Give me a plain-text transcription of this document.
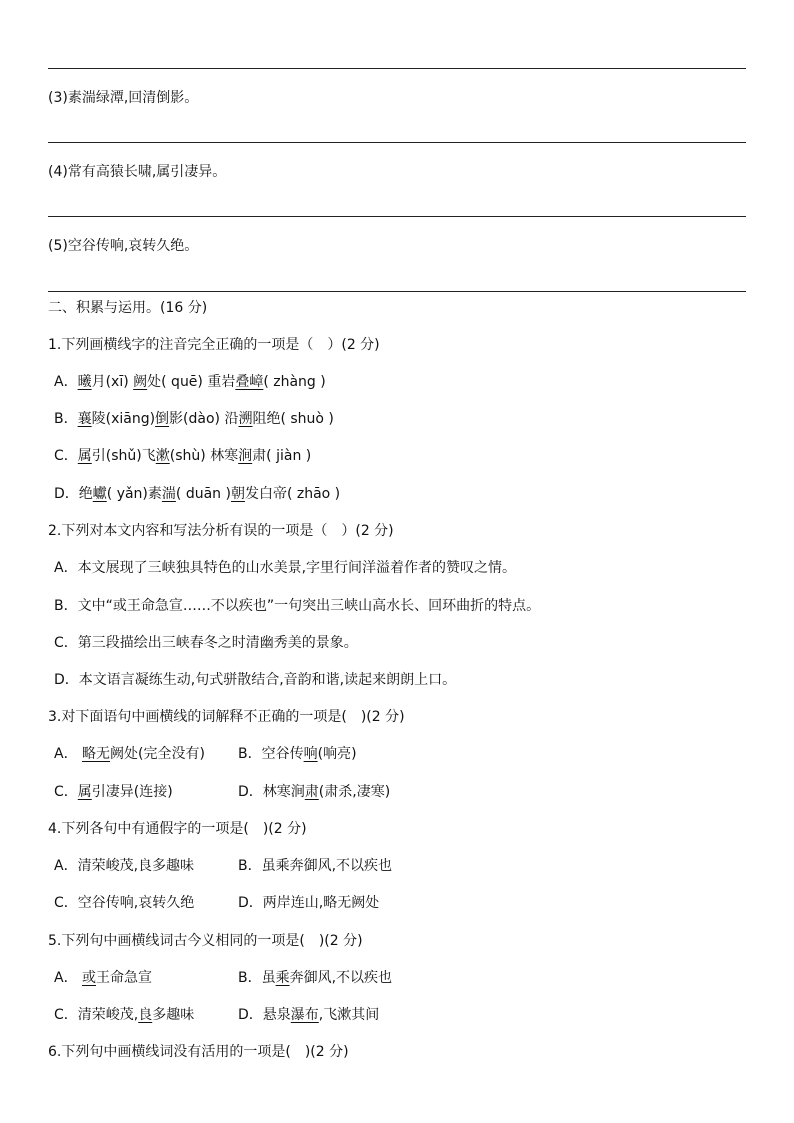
(3)素湍绿潭,回清倒影。
(4)常有高猿长啸,属引凄异。
(5)空谷传响,哀转久绝。
二、积累与运用。(16 分)
1.下列画横线字的注音完全正确的一项是（　）(2 分)
A．曦月(xī) 阙处( quē) 重岩叠嶂( zhàng )
B．襄陵(xiāng)倒影(dào) 沿溯阻绝( shuò )
C．属引(shǔ)飞漱(shù) 林寒涧肃( jiàn )
D．绝巘( yǎn)素湍( duān )朝发白帝( zhāo )
2.下列对本文内容和写法分析有误的一项是（　）(2 分)
A．本文展现了三峡独具特色的山水美景,字里行间洋溢着作者的赞叹之情。
B．文中“或王命急宣……不以疾也”一句突出三峡山高水长、回环曲折的特点。
C．第三段描绘出三峡春冬之时清幽秀美的景象。
D．本文语言凝练生动,句式骈散结合,音韵和谐,读起来朗朗上口。
3.对下面语句中画横线的词解释不正确的一项是(　)(2 分)
A． 略无阙处(完全没有) B．空谷传响(响亮)
C．属引凄异(连接)	D．林寒涧肃(肃杀,凄寒)
4.下列各句中有通假字的一项是(　)(2 分)
A．清荣峻茂,良多趣味	B．虽乘奔御风,不以疾也
C．空谷传响,哀转久绝	D．两岸连山,略无阙处
5.下列句中画横线词古今义相同的一项是(　)(2 分)
A． 或王命急宣	B．虽乘奔御风,不以疾也
C．清荣峻茂,良多趣味	D．悬泉瀑布,飞漱其间
6.下列句中画横线词没有活用的一项是(　)(2 分)
